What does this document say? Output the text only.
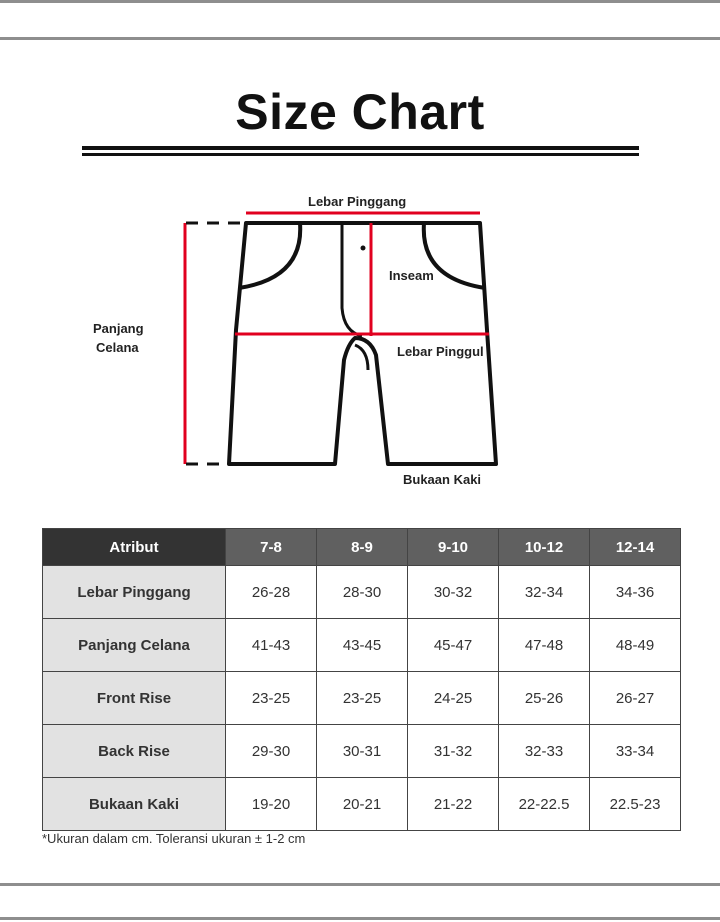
Size Chart
Lebar Pinggang
Inseam
Lebar Pinggul
Bukaan Kaki
Panjang
Celana
Atribut	7-8	8-9	9-10	10-12	12-14
Lebar Pinggang	26-28	28-30	30-32	32-34	34-36
Panjang Celana	41-43	43-45	45-47	47-48	48-49
Front Rise	23-25	23-25	24-25	25-26	26-27
Back Rise	29-30	30-31	31-32	32-33	33-34
Bukaan Kaki	19-20	20-21	21-22	22-22.5	22.5-23
*Ukuran dalam cm. Toleransi ukuran ± 1-2 cm
